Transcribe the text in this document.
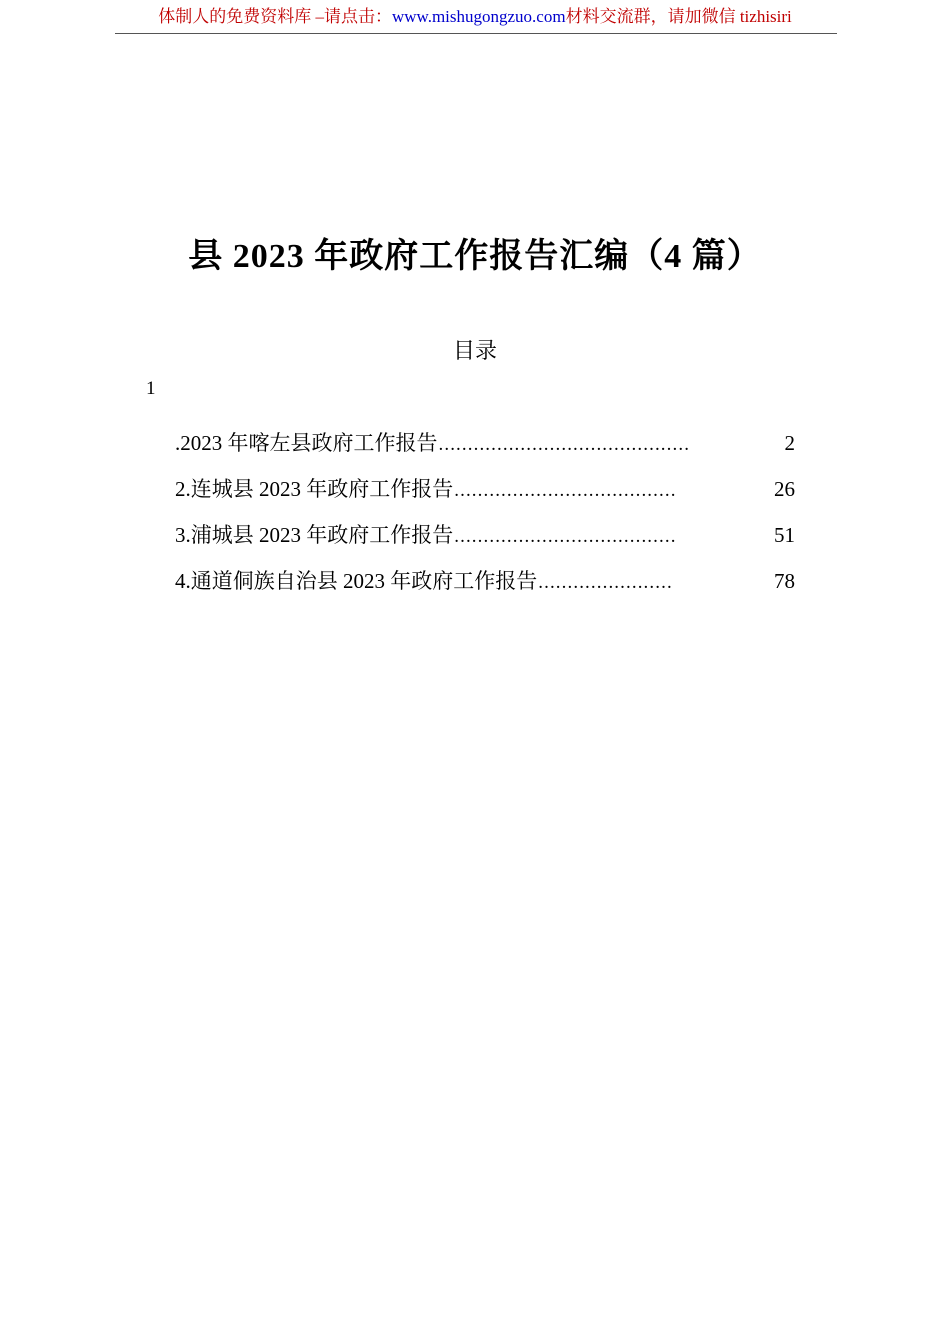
体制人的免费资料库 –请点击：www.mishugongzuo.com材料交流群，请加微信 tizhisiri
县 2023 年政府工作报告汇编（4 篇）
目录
1
.2023 年喀左县政府工作报告 ...........................................	2
2.连城县 2023 年政府工作报告 ......................................	26
3.浦城县 2023 年政府工作报告 ......................................	51
4.通道侗族自治县 2023 年政府工作报告 .......................	78
